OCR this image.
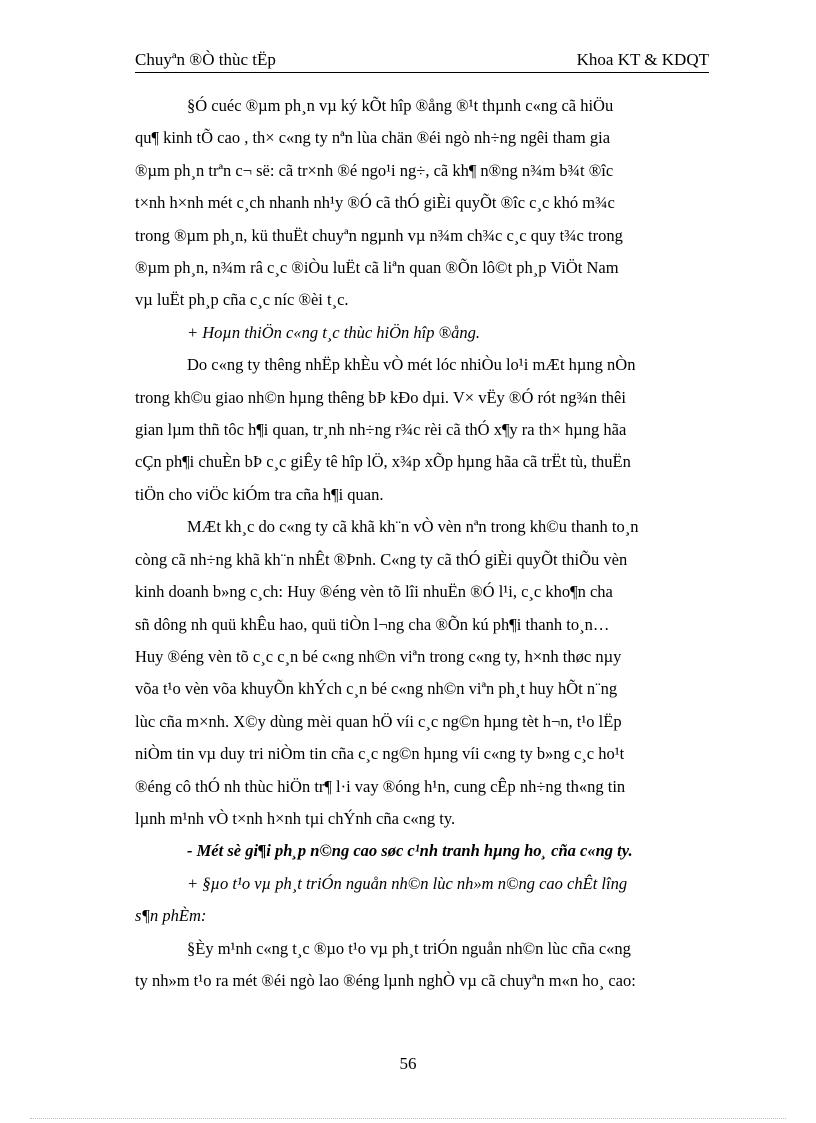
Chuyªn ®Ò thùc tËp	Khoa KT & KDQT

§Ó cuéc ®µm ph¸n vµ ký kÕt hîp ®ång ®¹t thµnh c«ng cã hiÖu
qu¶ kinh tÕ cao , th× c«ng ty nªn lùa chän ®éi ngò nh÷ng ngêi tham gia
®µm ph¸n trªn c¬ së: cã tr×nh ®é ngo¹i ng÷, cã kh¶ n®ng n¾m b¾t ®îc
t×nh h×nh mét c¸ch nhanh nh¹y ®Ó cã thÓ giÈi quyÕt ®îc c¸c khó m¾c
trong ®µm ph¸n, kü thuËt chuyªn ngµnh vµ n¾m ch¾c c¸c quy t¾c trong
®µm ph¸n, n¾m râ c¸c ®iÒu luËt cã liªn quan ®Õn lô©t ph¸p ViÖt Nam
vµ luËt ph¸p cña c¸c níc ®èi t¸c.

+ Hoµn thiÖn c«ng t¸c thùc hiÖn hîp ®ång.

Do c«ng ty thêng nhËp khÈu vÒ mét lóc nhiÒu lo¹i mÆt hµng nÒn
trong kh©u giao nh©n hµng thêng bÞ kÐo dµi. V× vËy ®Ó rót ng¾n thêi
gian lµm thñ tôc h¶i quan, tr¸nh nh÷ng r¾c rèi cã thÓ x¶y ra th× hµng hãa
cÇn ph¶i chuÈn bÞ c¸c giÊy tê hîp lÖ, x¾p xÕp hµng hãa cã trËt tù, thuËn
tiÖn cho viÖc kiÓm tra cña h¶i quan.

MÆt kh¸c do c«ng ty cã khã kh¨n vÒ vèn nªn trong kh©u thanh to¸n
còng cã nh÷ng khã kh¨n nhÊt ®Þnh. C«ng ty cã thÓ giÈi quyÕt thiÕu vèn
kinh doanh b»ng c¸ch: Huy ®éng vèn tõ lîi nhuËn ®Ó l¹i, c¸c kho¶n cha
sñ dông nh quü khÊu hao, quü tiÒn l¬ng cha ®Õn kú ph¶i thanh to¸n…
Huy ®éng vèn tõ c¸c c¸n bé c«ng nh©n viªn trong c«ng ty, h×nh thøc nµy
võa t¹o vèn võa khuyÕn khÝch c¸n bé c«ng nh©n viªn ph¸t huy hÕt n¨ng
lùc cña m×nh. X©y dùng mèi quan hÖ víi c¸c ng©n hµng tèt h¬n, t¹o lËp
niÒm tin vµ duy tri niÒm tin cña c¸c ng©n hµng víi c«ng ty b»ng c¸c ho¹t
®éng cô thÓ nh thùc hiÖn tr¶ l·i vay ®óng h¹n, cung cÊp nh÷ng th«ng tin
lµnh m¹nh vÒ t×nh h×nh tµi chÝnh cña c«ng ty.

- Mét sè gi¶i ph¸p n©ng cao søc c¹nh tranh hµng ho¸ cña c«ng ty.

+ §µo t¹o vµ ph¸t triÓn nguån nh©n lùc nh»m n©ng cao chÊt lîng
s¶n phÈm:

§Èy m¹nh c«ng t¸c ®µo t¹o vµ ph¸t triÓn nguån nh©n lùc cña c«ng
ty nh»m t¹o ra mét ®éi ngò lao ®éng lµnh nghÒ vµ cã chuyªn m«n ho¸ cao:

56
